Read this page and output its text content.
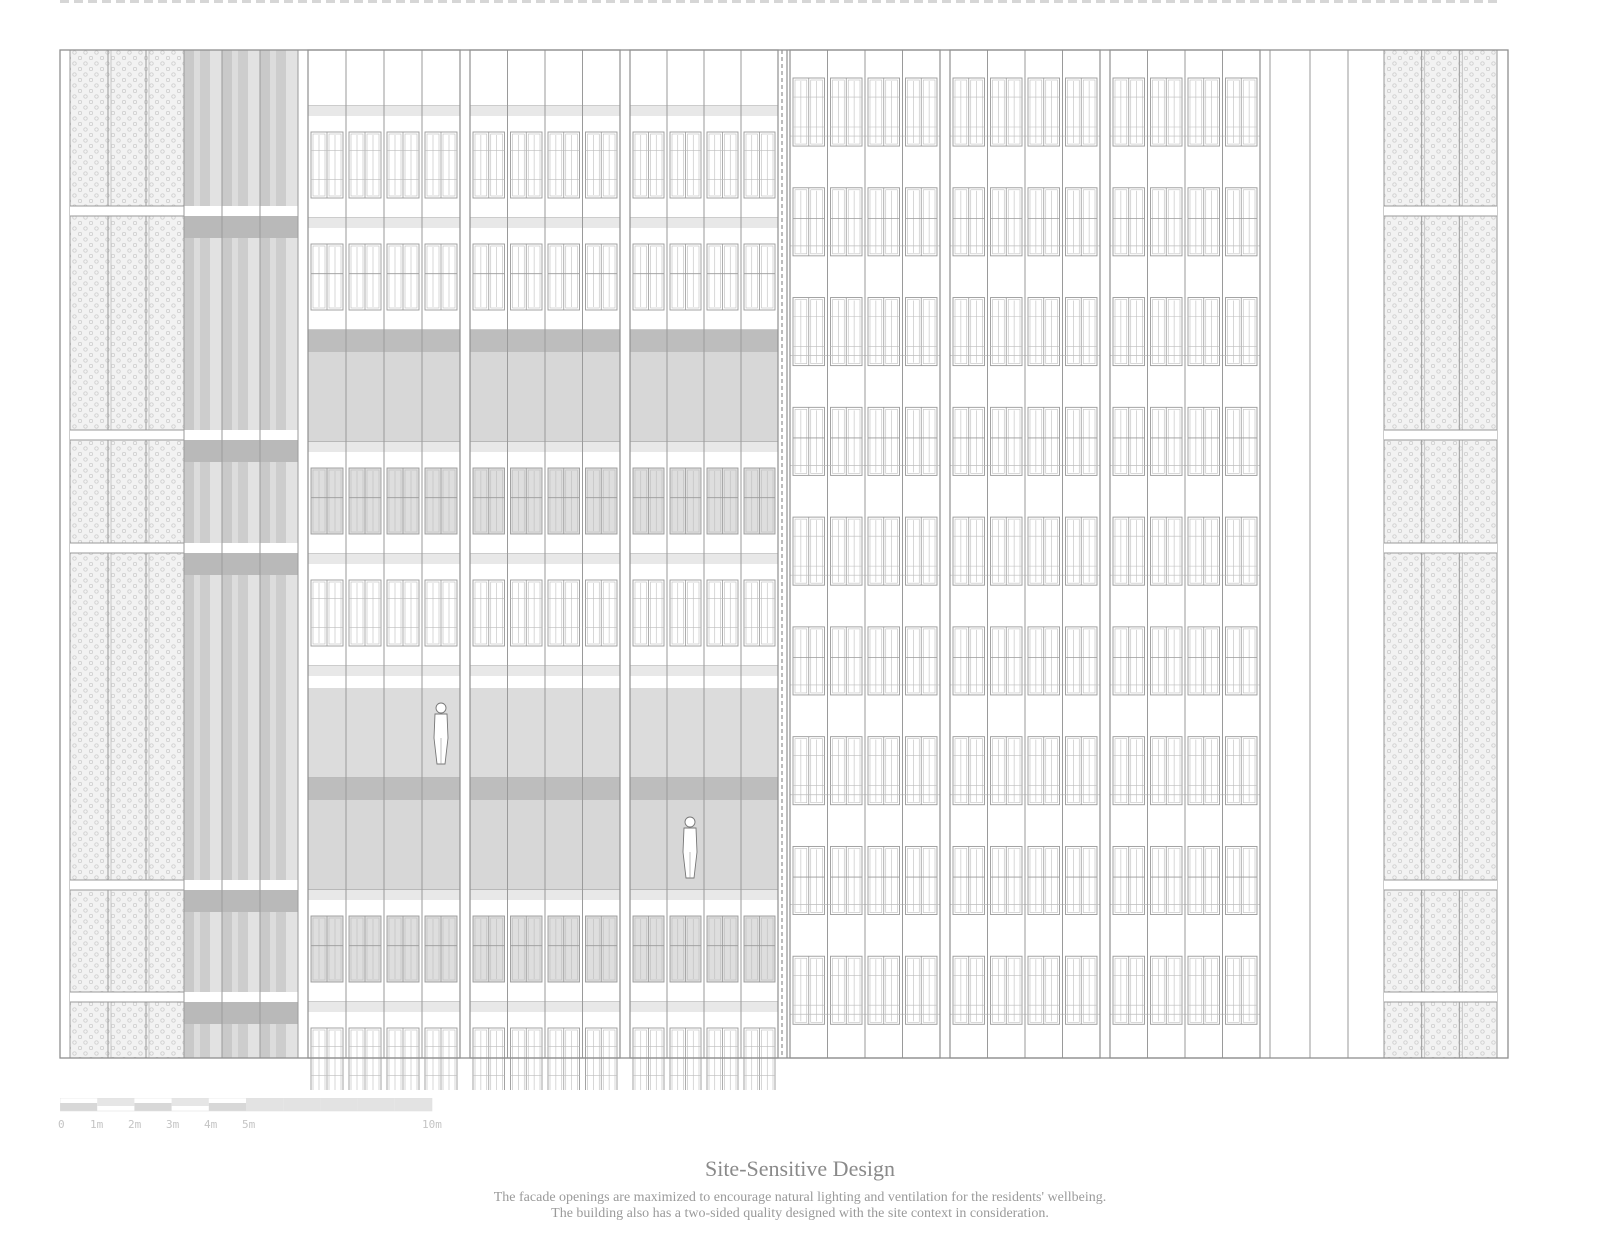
0 1m 2m 3m 4m 5m	10m
Site-Sensitive Design

The facade openings are maximized to encourage natural lighting and ventilation for the residents' wellbeing.

The building also has a two-sided quality designed with the site context in consideration.
